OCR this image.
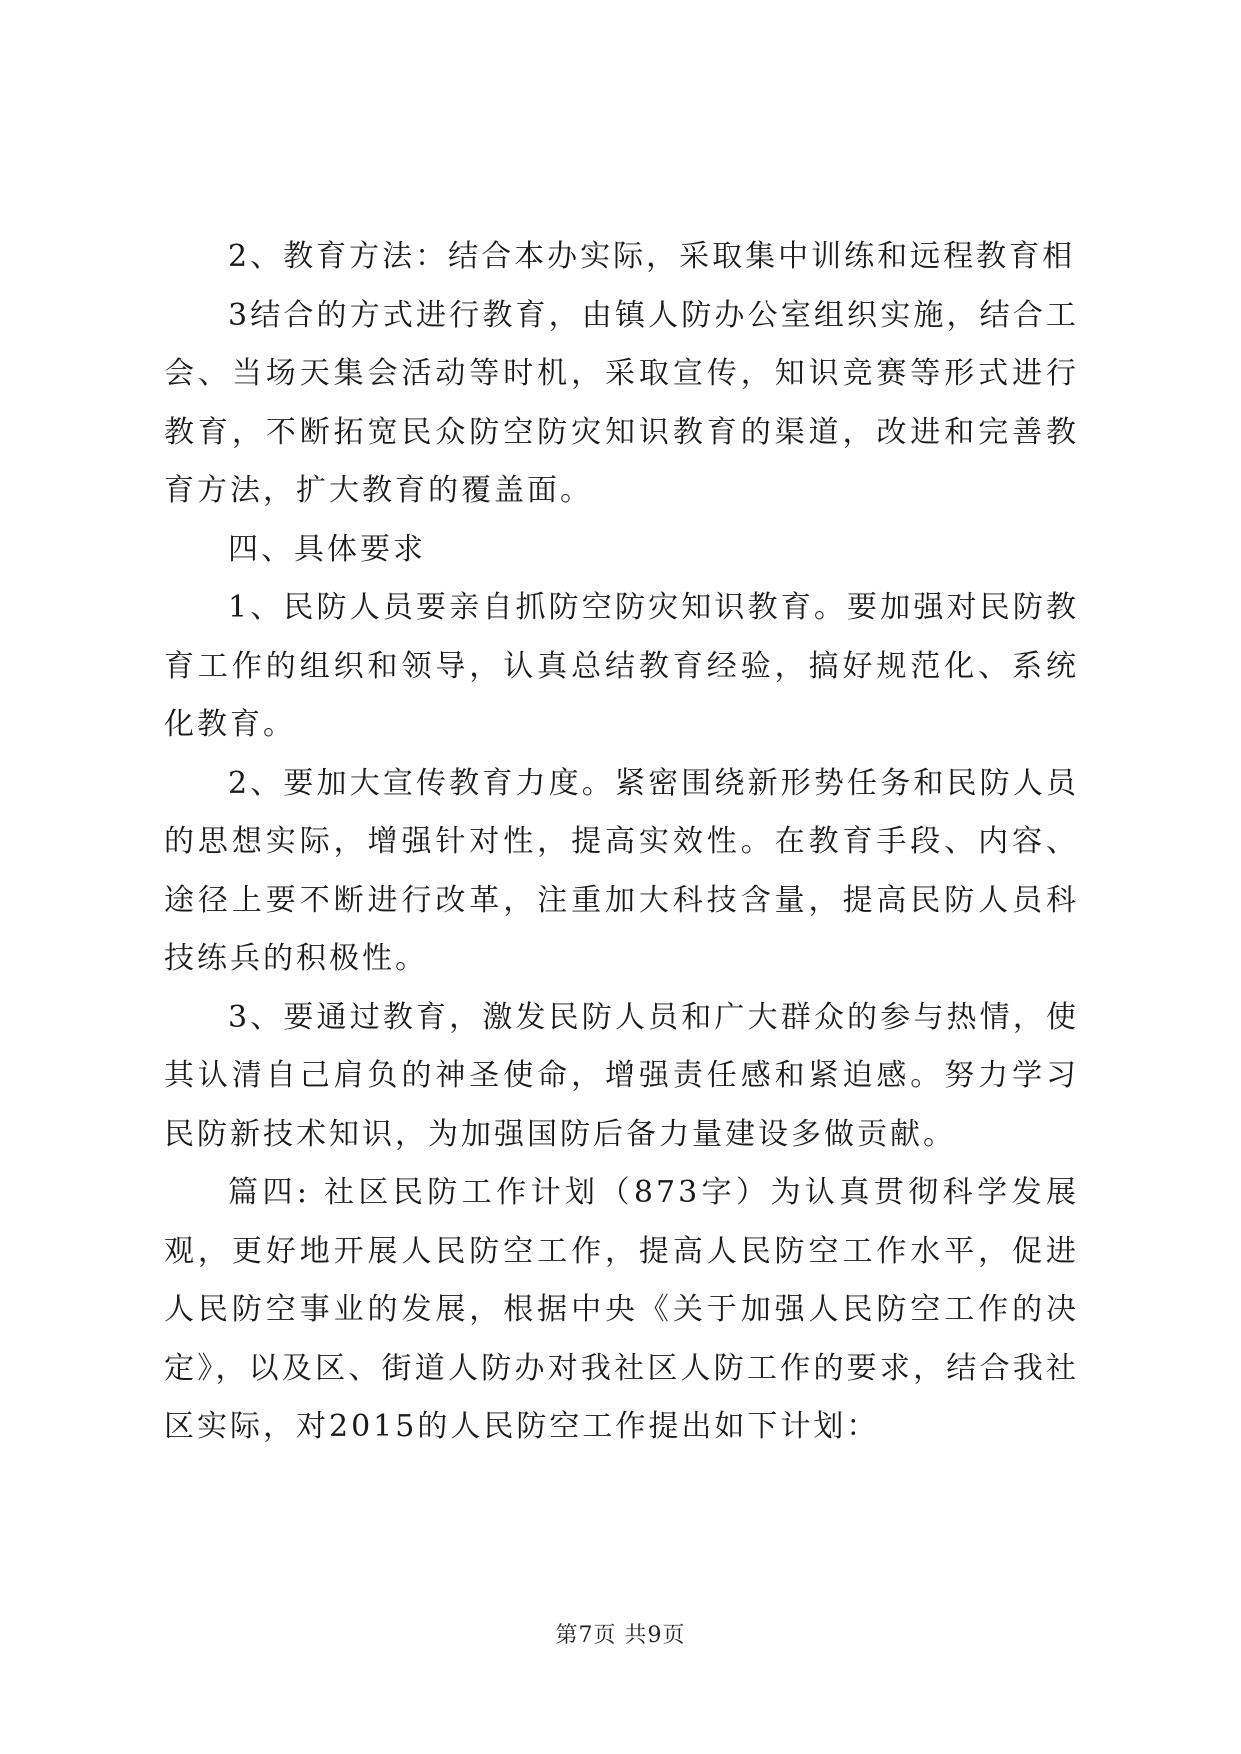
2、教育方法：结合本办实际，采取集中训练和远程教育相

3结合的方式进行教育，由镇人防办公室组织实施，结合工会、当场天集会活动等时机，采取宣传，知识竞赛等形式进行教育，不断拓宽民众防空防灾知识教育的渠道，改进和完善教育方法，扩大教育的覆盖面。

四、具体要求

1、民防人员要亲自抓防空防灾知识教育。要加强对民防教育工作的组织和领导，认真总结教育经验，搞好规范化、系统化教育。

2、要加大宣传教育力度。紧密围绕新形势任务和民防人员的思想实际，增强针对性，提高实效性。在教育手段、内容、途径上要不断进行改革，注重加大科技含量，提高民防人员科技练兵的积极性。

3、要通过教育，激发民防人员和广大群众的参与热情，使其认清自己肩负的神圣使命，增强责任感和紧迫感。努力学习民防新技术知识，为加强国防后备力量建设多做贡献。

篇四: 社区民防工作计划（873字）为认真贯彻科学发展观，更好地开展人民防空工作，提高人民防空工作水平，促进人民防空事业的发展，根据中央《关于加强人民防空工作的决定》，以及区、街道人防办对我社区人防工作的要求，结合我社区实际，对2015的人民防空工作提出如下计划：

第7页 共9页
